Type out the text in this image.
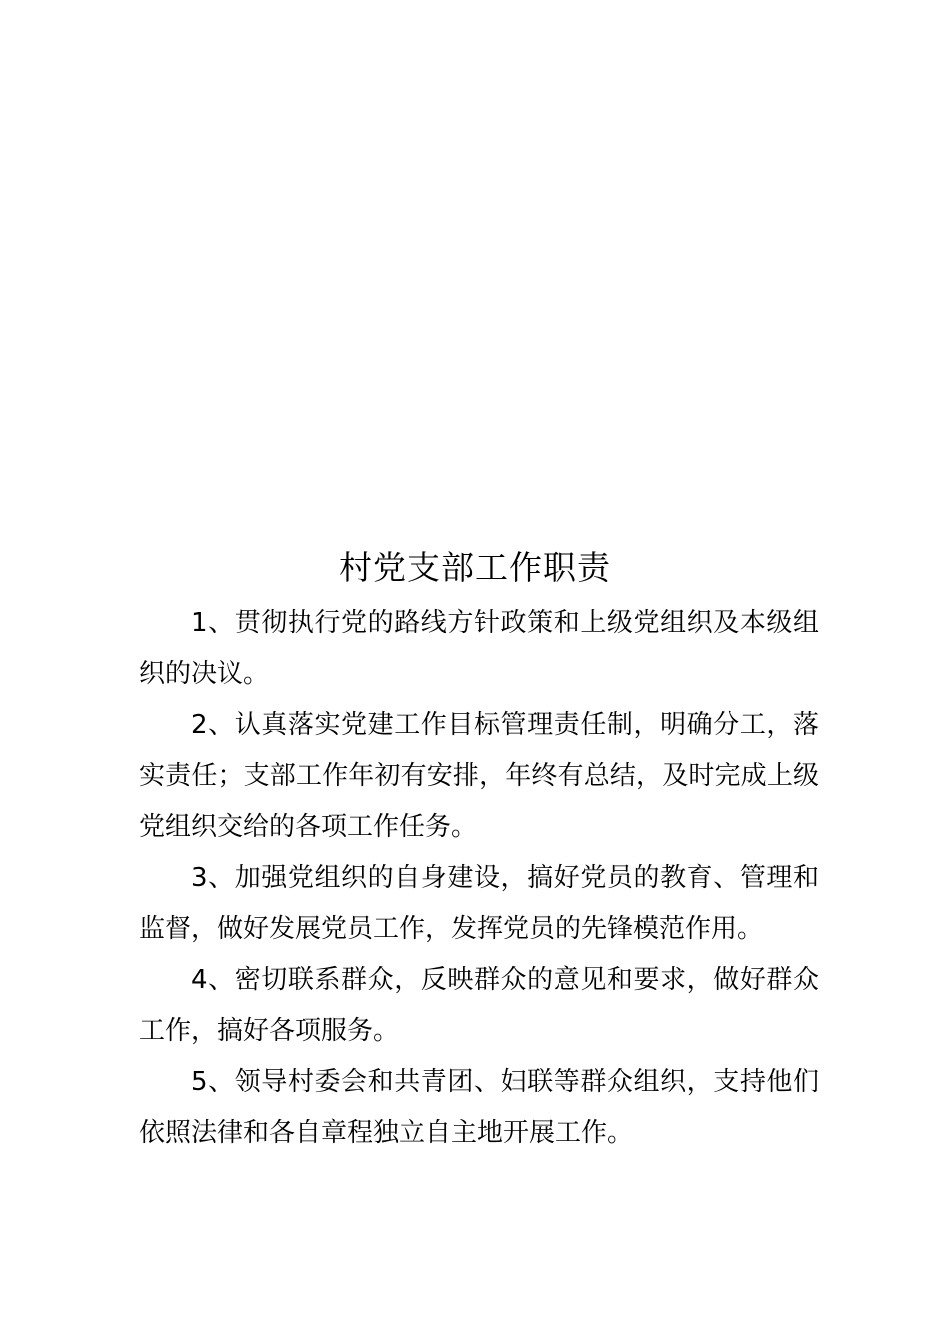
村党支部工作职责

1、贯彻执行党的路线方针政策和上级党组织及本级组织的决议。

2、认真落实党建工作目标管理责任制，明确分工，落实责任；支部工作年初有安排，年终有总结，及时完成上级党组织交给的各项工作任务。

3、加强党组织的自身建设，搞好党员的教育、管理和监督，做好发展党员工作，发挥党员的先锋模范作用。

4、密切联系群众，反映群众的意见和要求，做好群众工作，搞好各项服务。

5、领导村委会和共青团、妇联等群众组织，支持他们依照法律和各自章程独立自主地开展工作。
